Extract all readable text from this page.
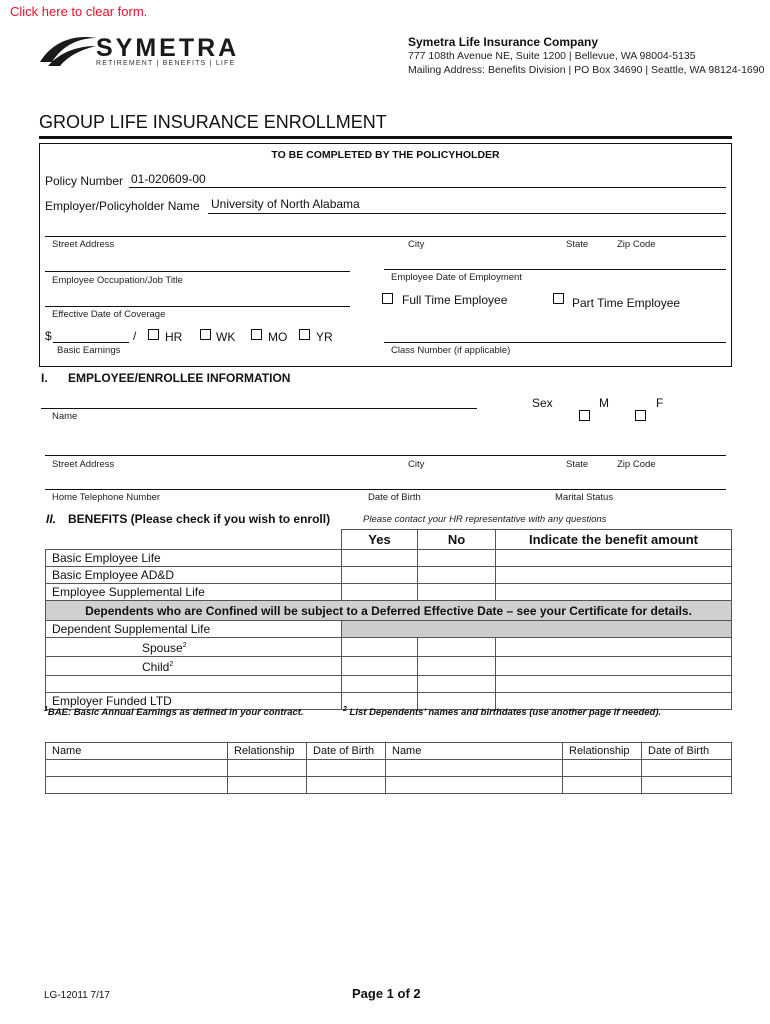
Click here to clear form.
SYMETRA
RETIREMENT | BENEFITS | LIFE
Symetra Life Insurance Company
777 108th Avenue NE, Suite 1200 | Bellevue, WA 98004-5135
Mailing Address: Benefits Division | PO Box 34690 | Seattle, WA 98124-1690
GROUP LIFE INSURANCE ENROLLMENT
TO BE COMPLETED BY THE POLICYHOLDER
Policy Number 01-020609-00
Employer/Policyholder Name University of North Alabama
Street Address	City	State	Zip Code
Employee Occupation/Job Title	Employee Date of Employment
Full Time Employee	Part Time Employee
Effective Date of Coverage
$	/ HR	WK	MO YR
Basic Earnings	Class Number (if applicable)
I. EMPLOYEE/ENROLLEE INFORMATION
Sex	M	F
Name
Street Address	City	State	Zip Code
Home Telephone Number	Date of Birth	Marital Status
II. BENEFITS (Please check if you wish to enroll)	Please contact your HR representative with any questions
	Yes	No	Indicate the benefit amount
Basic Employee Life			
Basic Employee AD&D			
Employee Supplemental Life			
Dependents who are Confined will be subject to a Deferred Effective Date – see your Certificate for details.			
Dependent Supplemental Life			
Spouse$^2$			
Child$^2$			

Employer Funded LTD			
$^1$BAE: Basic Annual Earnings as defined in your contract.	$^2$ List Dependents’ names and birthdates (use another page if needed).
Name	Relationship	Date of Birth	Name	Relationship	Date of Birth

LG-12011 7/17	Page 1 of 2
